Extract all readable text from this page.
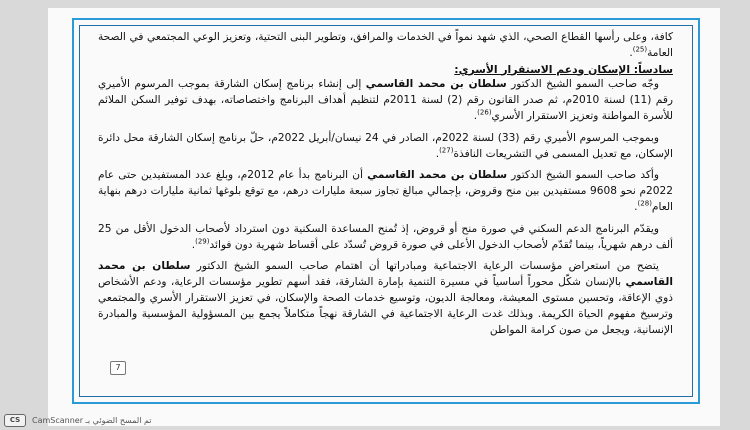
كافة، وعلى رأسها القطاع الصحي، الذي شهد نمواً في الخدمات والمرافق، وتطوير البنى التحتية، وتعزيز الوعي المجتمعي في الصحة العامة$^{(25)}$.

سادساً: الإسكان ودعم الاستقرار الأسري:

وجّه صاحب السمو الشيخ الدكتور سلطان بن محمد القاسمي إلى إنشاء برنامج إسكان الشارقة بموجب المرسوم الأميري رقم (11) لسنة 2010م، ثم صدر القانون رقم (2) لسنة 2011م لتنظيم أهداف البرنامج واختصاصاته، بهدف توفير السكن الملائم للأسرة المواطنة وتعزيز الاستقرار الأسري$^{(26)}$.

وبموجب المرسوم الأميري رقم (33) لسنة 2022م، الصادر في 24 نيسان/أبريل 2022م، حلّ برنامج إسكان الشارقة محل دائرة الإسكان، مع تعديل المسمى في التشريعات النافذة$^{(27)}$.

وأكد صاحب السمو الشيخ الدكتور سلطان بن محمد القاسمي أن البرنامج بدأ عام 2012م، وبلغ عدد المستفيدين حتى عام 2022م نحو 9608 مستفيدين بين منح وقروض، بإجمالي مبالغ تجاوز سبعة مليارات درهم، مع توقع بلوغها ثمانية مليارات درهم بنهاية العام$^{(28)}$.

ويقدّم البرنامج الدعم السكني في صورة منح أو قروض، إذ تُمنح المساعدة السكنية دون استرداد لأصحاب الدخول الأقل من 25 ألف درهم شهرياً، بينما تُقدّم لأصحاب الدخول الأعلى في صورة قروض تُسدّد على أقساط شهرية دون فوائد$^{(29)}$.

يتضح من استعراض مؤسسات الرعاية الاجتماعية ومبادراتها أن اهتمام صاحب السمو الشيخ الدكتور سلطان بن محمد القاسمي بالإنسان شكّل محوراً أساسياً في مسيرة التنمية بإمارة الشارقة، فقد أسهم تطوير مؤسسات الرعاية، ودعم الأشخاص ذوي الإعاقة، وتحسين مستوى المعيشة، ومعالجة الديون، وتوسيع خدمات الصحة والإسكان، في تعزيز الاستقرار الأسري والمجتمعي وترسيخ مفهوم الحياة الكريمة. وبذلك غدت الرعاية الاجتماعية في الشارقة نهجاً متكاملاً يجمع بين المسؤولية المؤسسية والمبادرة الإنسانية، ويجعل من صون كرامة المواطن

7
CS	تم المسح الضوئي بـ CamScanner
